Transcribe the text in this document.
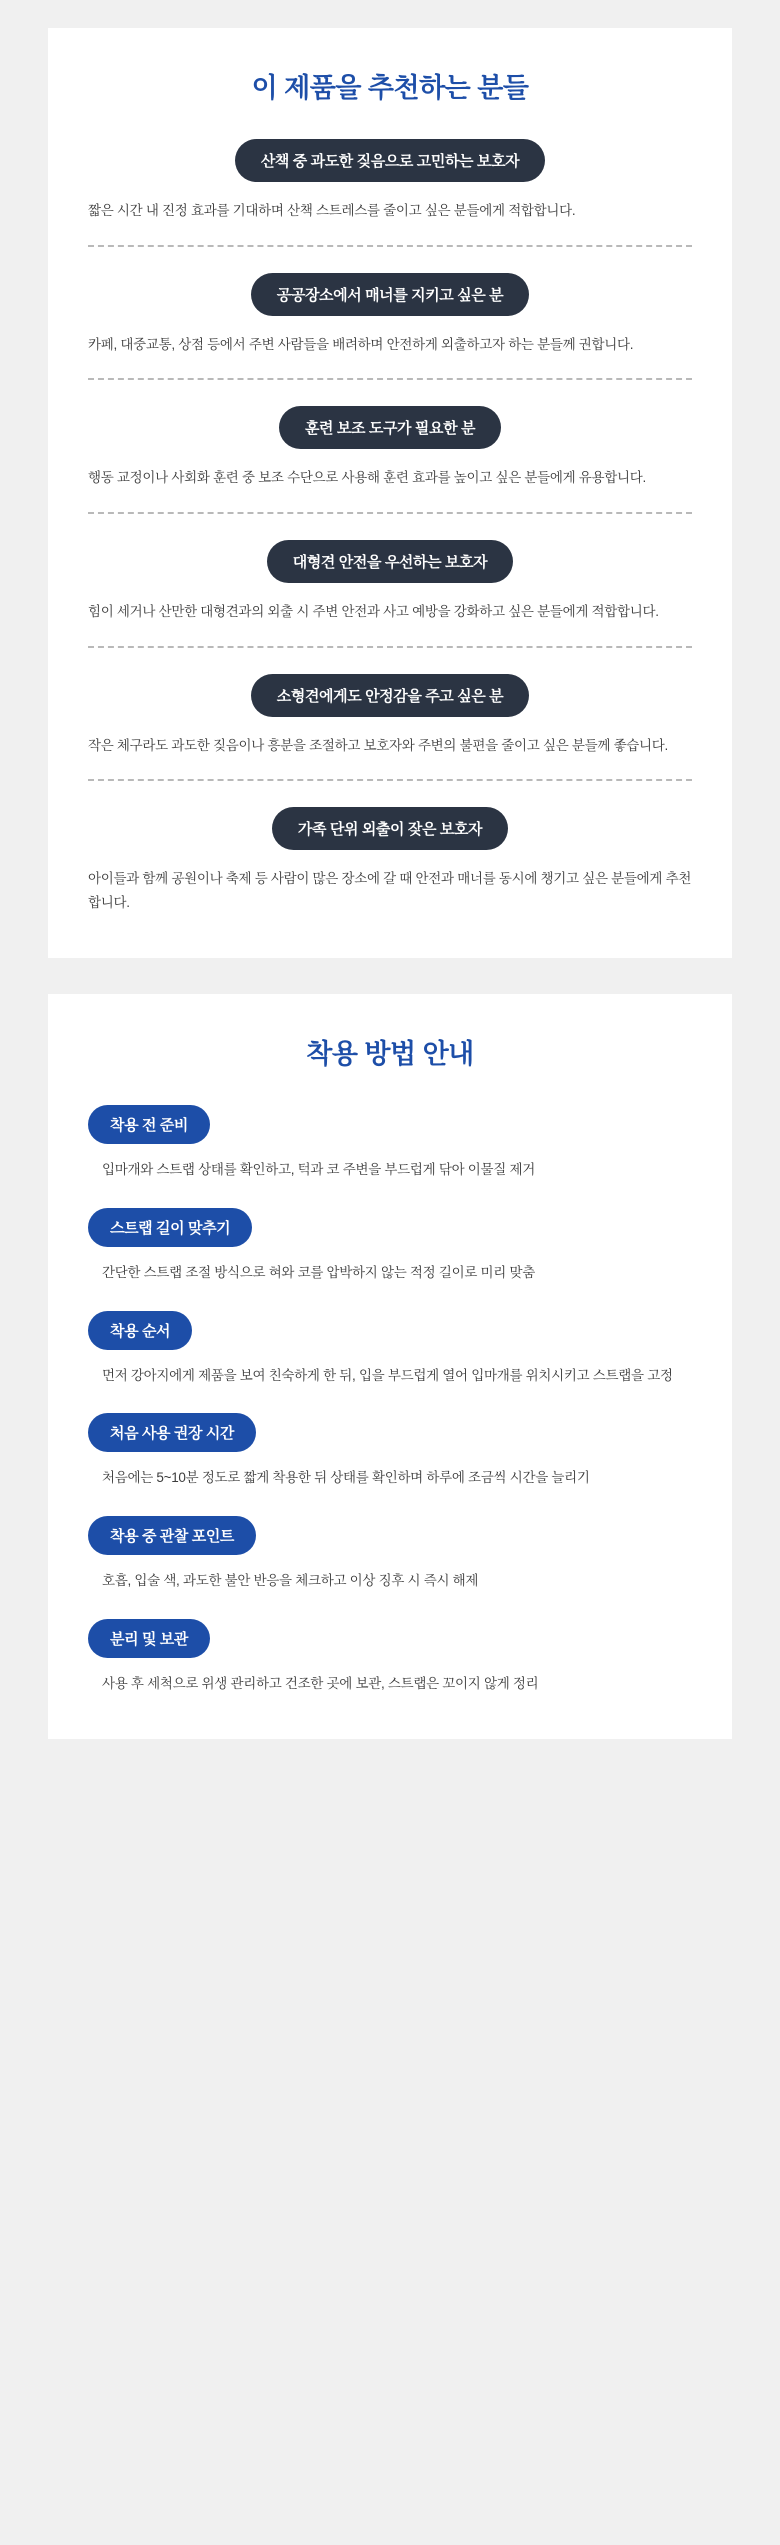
이 제품을 추천하는 분들
산책 중 과도한 짖음으로 고민하는 보호자

짧은 시간 내 진정 효과를 기대하며 산책 스트레스를 줄이고 싶은 분들에게 적합합니다.

공공장소에서 매너를 지키고 싶은 분

카페, 대중교통, 상점 등에서 주변 사람들을 배려하며 안전하게 외출하고자 하는 분들께 권합니다.

훈련 보조 도구가 필요한 분

행동 교정이나 사회화 훈련 중 보조 수단으로 사용해 훈련 효과를 높이고 싶은 분들에게 유용합니다.

대형견 안전을 우선하는 보호자

힘이 세거나 산만한 대형견과의 외출 시 주변 안전과 사고 예방을 강화하고 싶은 분들에게 적합합니다.

소형견에게도 안정감을 주고 싶은 분

작은 체구라도 과도한 짖음이나 흥분을 조절하고 보호자와 주변의 불편을 줄이고 싶은 분들께 좋습니다.

가족 단위 외출이 잦은 보호자

아이들과 함께 공원이나 축제 등 사람이 많은 장소에 갈 때 안전과 매너를 동시에 챙기고 싶은 분들에게 추천합니다.

착용 방법 안내
착용 전 준비

입마개와 스트랩 상태를 확인하고, 턱과 코 주변을 부드럽게 닦아 이물질 제거

스트랩 길이 맞추기

간단한 스트랩 조절 방식으로 혀와 코를 압박하지 않는 적정 길이로 미리 맞춤

착용 순서

먼저 강아지에게 제품을 보여 친숙하게 한 뒤, 입을 부드럽게 열어 입마개를 위치시키고 스트랩을 고정

처음 사용 권장 시간

처음에는 5~10분 정도로 짧게 착용한 뒤 상태를 확인하며 하루에 조금씩 시간을 늘리기

착용 중 관찰 포인트

호흡, 입술 색, 과도한 불안 반응을 체크하고 이상 징후 시 즉시 해제

분리 및 보관

사용 후 세척으로 위생 관리하고 건조한 곳에 보관, 스트랩은 꼬이지 않게 정리
